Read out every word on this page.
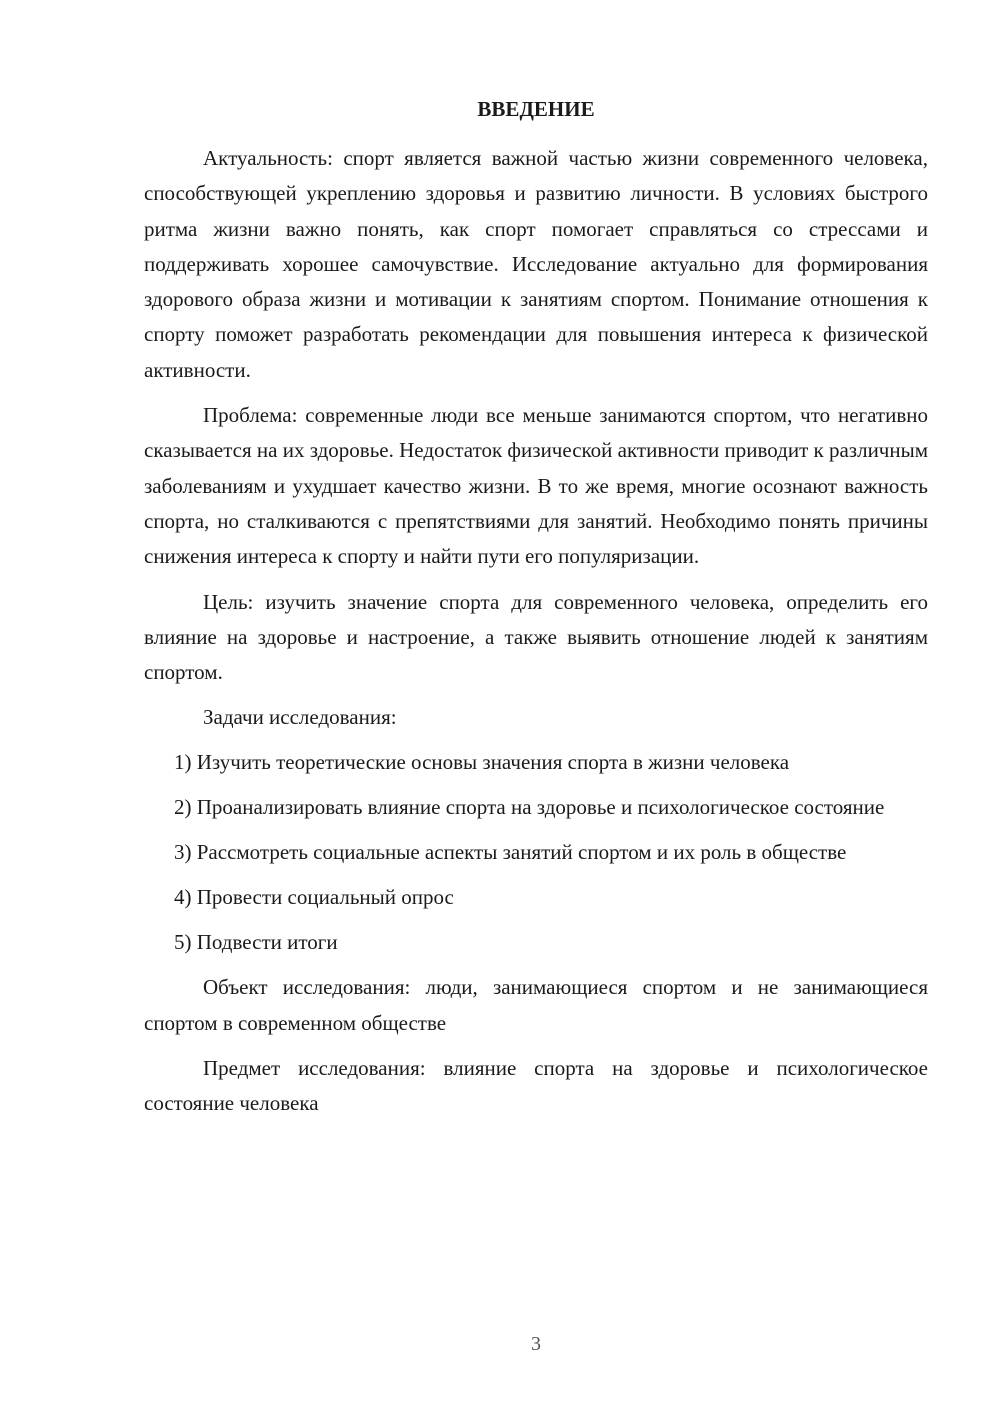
ВВЕДЕНИЕ

Актуальность: спорт является важной частью жизни современного человека, способствующей укреплению здоровья и развитию личности. В условиях быстрого ритма жизни важно понять, как спорт помогает справляться со стрессами и поддерживать хорошее самочувствие. Исследование актуально для формирования здорового образа жизни и мотивации к занятиям спортом. Понимание отношения к спорту поможет разработать рекомендации для повышения интереса к физической активности.

Проблема: современные люди все меньше занимаются спортом, что негативно сказывается на их здоровье. Недостаток физической активности приводит к различным заболеваниям и ухудшает качество жизни. В то же время, многие осознают важность спорта, но сталкиваются с препятствиями для занятий. Необходимо понять причины снижения интереса к спорту и найти пути его популяризации.

Цель: изучить значение спорта для современного человека, определить его влияние на здоровье и настроение, а также выявить отношение людей к занятиям спортом.

Задачи исследования:

1) Изучить теоретические основы значения спорта в жизни человека

2) Проанализировать влияние спорта на здоровье и психологическое состояние

3) Рассмотреть социальные аспекты занятий спортом и их роль в обществе

4) Провести социальный опрос

5) Подвести итоги

Объект исследования: люди, занимающиеся спортом и не занимающиеся спортом в современном обществе

Предмет исследования: влияние спорта на здоровье и психологическое состояние человека

3
